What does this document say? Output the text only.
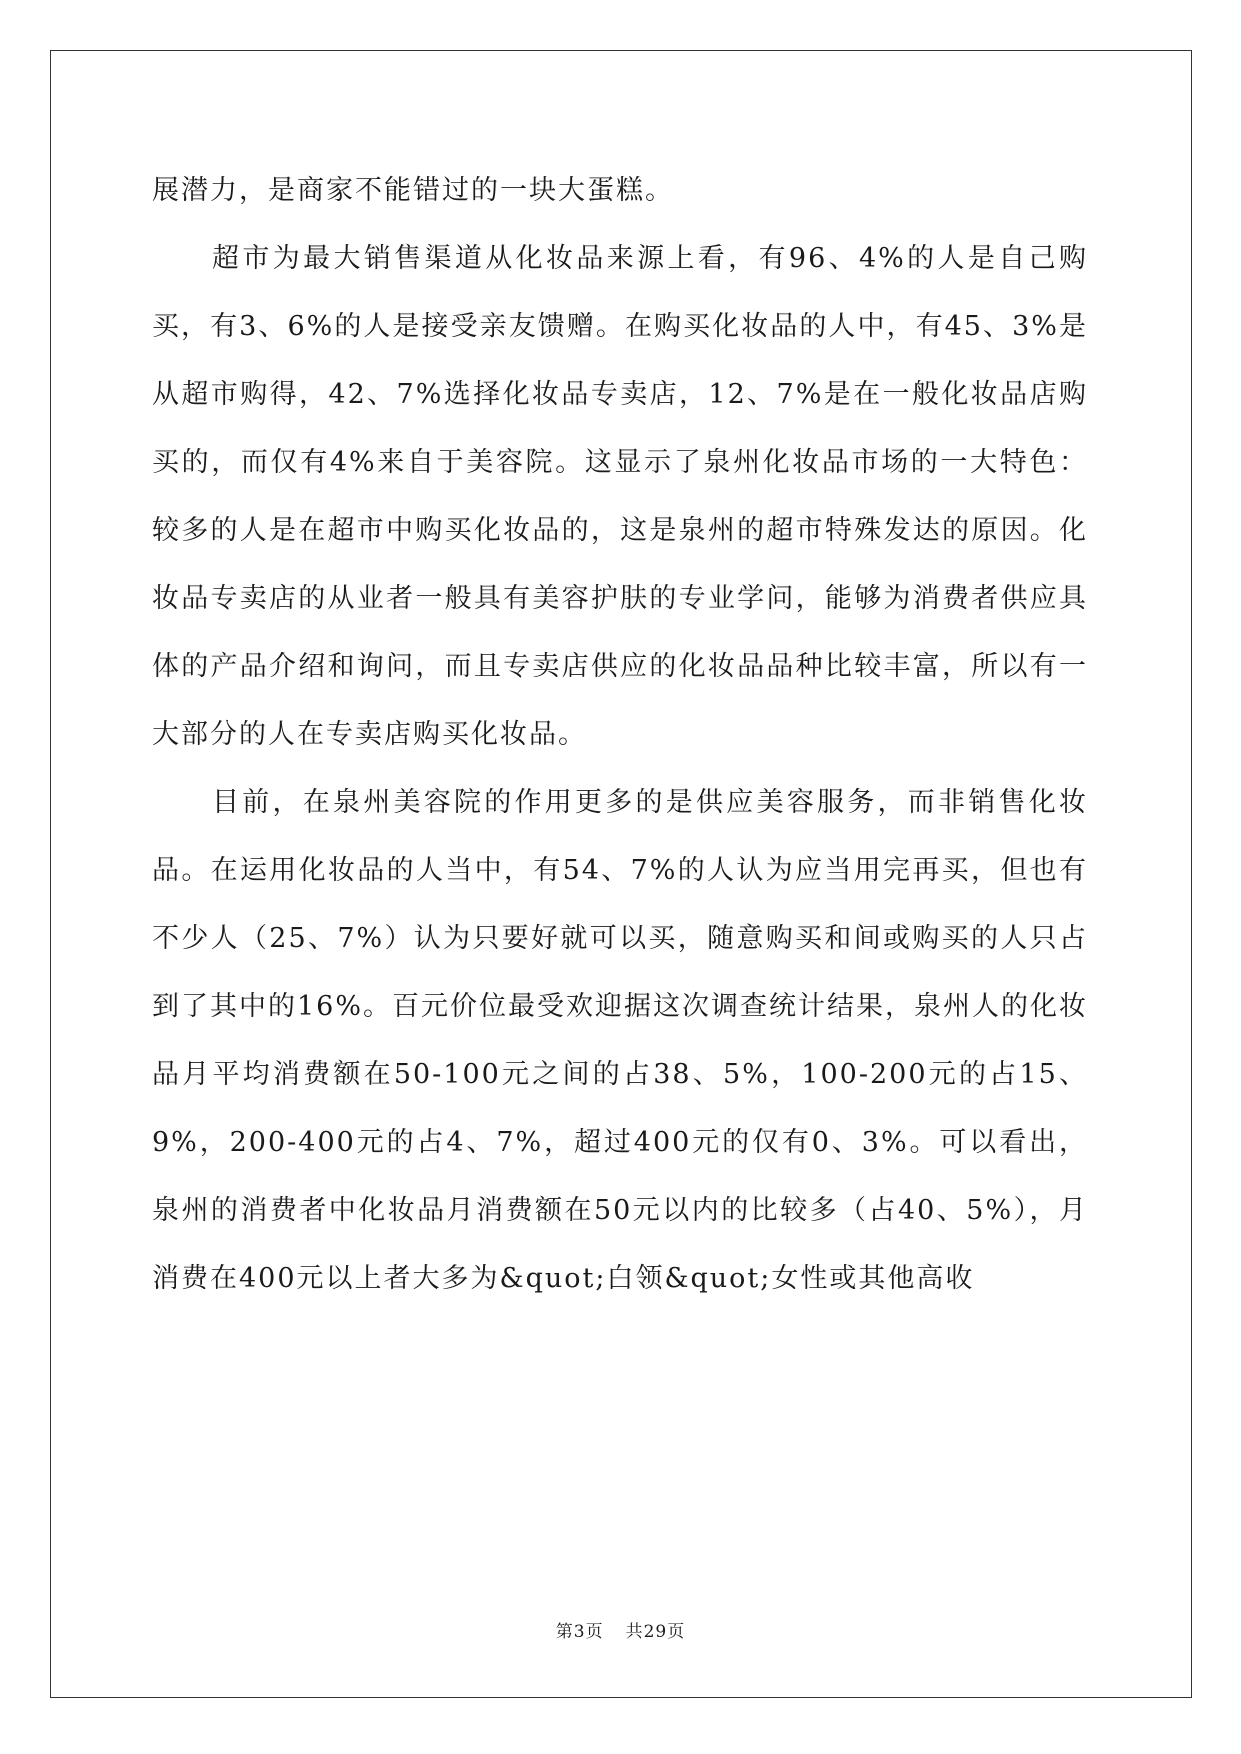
展潜力，是商家不能错过的一块大蛋糕。

超市为最大销售渠道从化妆品来源上看，有96、4%的人是自己购买，有3、6%的人是接受亲友馈赠。在购买化妆品的人中，有45、3%是从超市购得，42、7%选择化妆品专卖店，12、7%是在一般化妆品店购买的，而仅有4%来自于美容院。这显示了泉州化妆品市场的一大特色：较多的人是在超市中购买化妆品的，这是泉州的超市特殊发达的原因。化妆品专卖店的从业者一般具有美容护肤的专业学问，能够为消费者供应具体的产品介绍和询问，而且专卖店供应的化妆品品种比较丰富，所以有一大部分的人在专卖店购买化妆品。

目前，在泉州美容院的作用更多的是供应美容服务，而非销售化妆品。在运用化妆品的人当中，有54、7%的人认为应当用完再买，但也有不少人（25、7%）认为只要好就可以买，随意购买和间或购买的人只占到了其中的16%。百元价位最受欢迎据这次调查统计结果，泉州人的化妆品月平均消费额在50-100元之间的占38、5%，100-200元的占15、9%，200-400元的占4、7%，超过400元的仅有0、3%。可以看出，泉州的消费者中化妆品月消费额在50元以内的比较多（占40、5%），月消费在400元以上者大多为&quot;白领&quot;女性或其他高收

第3页 共29页
